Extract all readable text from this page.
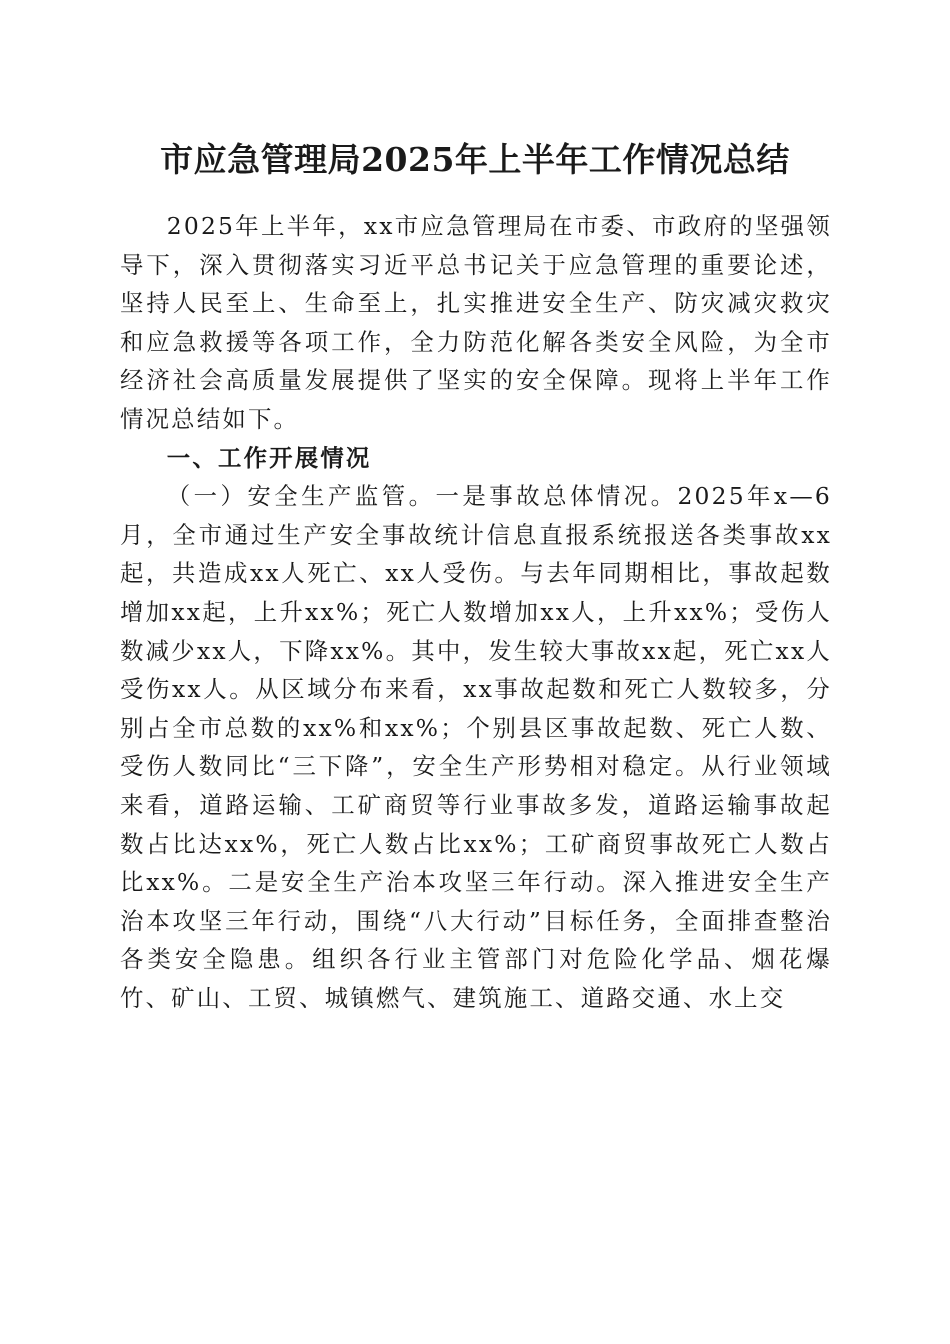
市应急管理局2025年上半年工作情况总结

2025年上半年，xx市应急管理局在市委、市政府的坚强领导下，深入贯彻落实习近平总书记关于应急管理的重要论述，坚持人民至上、生命至上，扎实推进安全生产、防灾减灾救灾和应急救援等各项工作，全力防范化解各类安全风险，为全市经济社会高质量发展提供了坚实的安全保障。现将上半年工作情况总结如下。

一、工作开展情况

（一）安全生产监管。一是事故总体情况。2025年x—6月，全市通过生产安全事故统计信息直报系统报送各类事故xx起，共造成xx人死亡、xx人受伤。与去年同期相比，事故起数增加xx起，上升xx%；死亡人数增加xx人，上升xx%；受伤人数减少xx人，下降xx%。其中，发生较大事故xx起，死亡xx人受伤xx人。从区域分布来看，xx事故起数和死亡人数较多，分别占全市总数的xx%和xx%；个别县区事故起数、死亡人数、受伤人数同比“三下降”，安全生产形势相对稳定。从行业领域来看，道路运输、工矿商贸等行业事故多发，道路运输事故起数占比达xx%，死亡人数占比xx%；工矿商贸事故死亡人数占比xx%。二是安全生产治本攻坚三年行动。深入推进安全生产治本攻坚三年行动，围绕“八大行动”目标任务，全面排查整治各类安全隐患。组织各行业主管部门对危险化学品、烟花爆竹、矿山、工贸、城镇燃气、建筑施工、道路交通、水上交
